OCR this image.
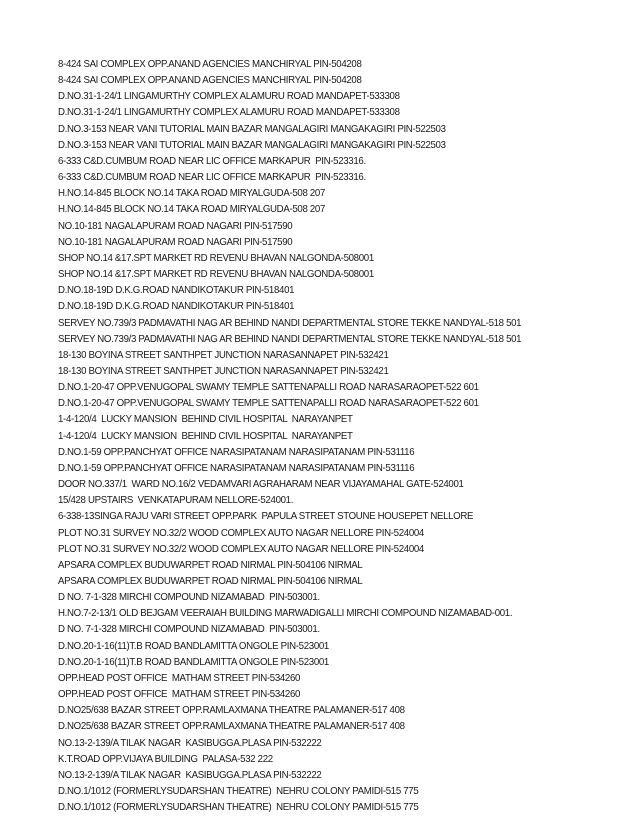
8-424 SAI COMPLEX OPP.ANAND AGENCIES MANCHIRYAL PIN-504208
8-424 SAI COMPLEX OPP.ANAND AGENCIES MANCHIRYAL PIN-504208
D.NO.31-1-24/1 LINGAMURTHY COMPLEX ALAMURU ROAD MANDAPET-533308
D.NO.31-1-24/1 LINGAMURTHY COMPLEX ALAMURU ROAD MANDAPET-533308
D.NO.3-153 NEAR VANI TUTORIAL MAIN BAZAR MANGALAGIRI MANGAKAGIRI PIN-522503
D.NO.3-153 NEAR VANI TUTORIAL MAIN BAZAR MANGALAGIRI MANGAKAGIRI PIN-522503
6-333 C&D.CUMBUM ROAD NEAR LIC OFFICE MARKAPUR  PIN-523316.
6-333 C&D.CUMBUM ROAD NEAR LIC OFFICE MARKAPUR  PIN-523316.
H.NO.14-845 BLOCK NO.14 TAKA ROAD MIRYALGUDA-508 207
H.NO.14-845 BLOCK NO.14 TAKA ROAD MIRYALGUDA-508 207
NO.10-181 NAGALAPURAM ROAD NAGARI PIN-517590
NO.10-181 NAGALAPURAM ROAD NAGARI PIN-517590
SHOP NO.14 &17.SPT MARKET RD REVENU BHAVAN NALGONDA-508001
SHOP NO.14 &17.SPT MARKET RD REVENU BHAVAN NALGONDA-508001
D.NO.18-19D D.K.G.ROAD NANDIKOTAKUR PIN-518401
D.NO.18-19D D.K.G.ROAD NANDIKOTAKUR PIN-518401
SERVEY NO.739/3 PADMAVATHI NAG AR BEHIND NANDI DEPARTMENTAL STORE TEKKE NANDYAL-518 501
SERVEY NO.739/3 PADMAVATHI NAG AR BEHIND NANDI DEPARTMENTAL STORE TEKKE NANDYAL-518 501
18-130 BOYINA STREET SANTHPET JUNCTION NARASANNAPET PIN-532421
18-130 BOYINA STREET SANTHPET JUNCTION NARASANNAPET PIN-532421
D.NO.1-20-47 OPP.VENUGOPAL SWAMY TEMPLE SATTENAPALLI ROAD NARASARAOPET-522 601
D.NO.1-20-47 OPP.VENUGOPAL SWAMY TEMPLE SATTENAPALLI ROAD NARASARAOPET-522 601
1-4-120/4  LUCKY MANSION  BEHIND CIVIL HOSPITAL  NARAYANPET
1-4-120/4  LUCKY MANSION  BEHIND CIVIL HOSPITAL  NARAYANPET
D.NO.1-59 OPP.PANCHYAT OFFICE NARASIPATANAM NARASIPATANAM PIN-531116
D.NO.1-59 OPP.PANCHYAT OFFICE NARASIPATANAM NARASIPATANAM PIN-531116
DOOR NO.337/1  WARD NO.16/2 VEDAMVARI AGRAHARAM NEAR VIJAYAMAHAL GATE-524001
15/428 UPSTAIRS  VENKATAPURAM NELLORE-524001.
6-338-13SINGA RAJU VARI STREET OPP.PARK  PAPULA STREET STOUNE HOUSEPET NELLORE
PLOT NO.31 SURVEY NO.32/2 WOOD COMPLEX AUTO NAGAR NELLORE PIN-524004
PLOT NO.31 SURVEY NO.32/2 WOOD COMPLEX AUTO NAGAR NELLORE PIN-524004
APSARA COMPLEX BUDUWARPET ROAD NIRMAL PIN-504106 NIRMAL
APSARA COMPLEX BUDUWARPET ROAD NIRMAL PIN-504106 NIRMAL
D NO. 7-1-328 MIRCHI COMPOUND NIZAMABAD  PIN-503001.
H.NO.7-2-13/1 OLD BEJGAM VEERAIAH BUILDING MARWADIGALLI MIRCHI COMPOUND NIZAMABAD-001.
D NO. 7-1-328 MIRCHI COMPOUND NIZAMABAD  PIN-503001.
D.NO.20-1-16(11)T.B ROAD BANDLAMITTA ONGOLE PIN-523001
D.NO.20-1-16(11)T.B ROAD BANDLAMITTA ONGOLE PIN-523001
OPP.HEAD POST OFFICE  MATHAM STREET PIN-534260
OPP.HEAD POST OFFICE  MATHAM STREET PIN-534260
D.NO25/638 BAZAR STREET OPP.RAMLAXMANA THEATRE PALAMANER-517 408
D.NO25/638 BAZAR STREET OPP.RAMLAXMANA THEATRE PALAMANER-517 408
NO.13-2-139/A TILAK NAGAR  KASIBUGGA.PLASA PIN-532222
K.T.ROAD OPP.VIJAYA BUILDING  PALASA-532 222
NO.13-2-139/A TILAK NAGAR  KASIBUGGA.PLASA PIN-532222
D.NO.1/1012 (FORMERLYSUDARSHAN THEATRE)  NEHRU COLONY PAMIDI-515 775
D.NO.1/1012 (FORMERLYSUDARSHAN THEATRE)  NEHRU COLONY PAMIDI-515 775
